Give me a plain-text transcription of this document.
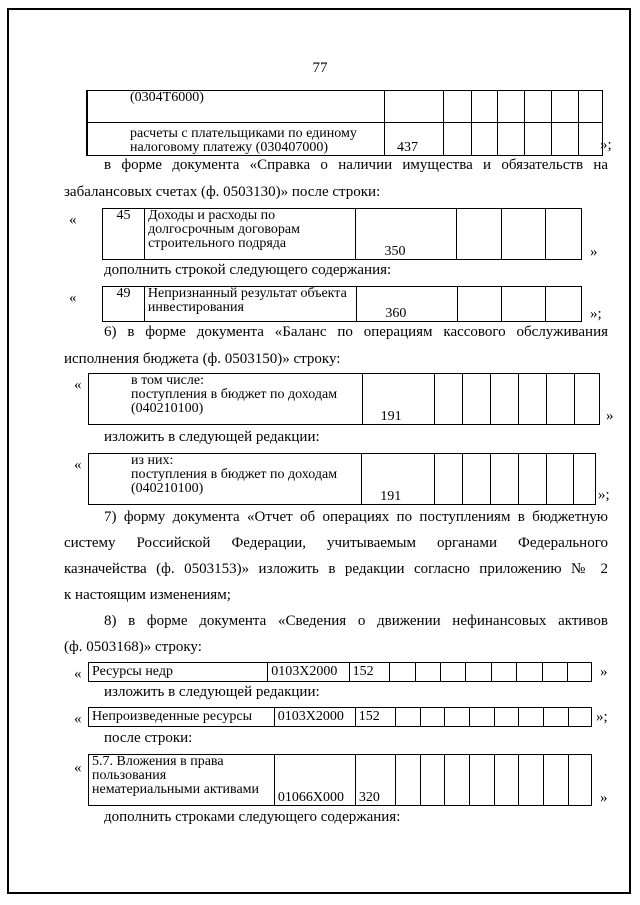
77
(0304Т6000)							

расчеты с плательщиками по единому
налоговому платежу (030407000)	437							»;
в форме документа «Справка о наличии имущества и обязательств на
забалансовых счетах (ф. 0503130)» после строки:
«	45	Доходы и расходы по
долгосрочным договорам
строительного подряда
	350				»
дополнить строкой следующего содержания:
«	49	Непризнанный результат объекта
инвестирования	360				»;
6) в форме документа «Баланс по операциям кассового обслуживания
исполнения бюджета (ф. 0503150)» строку:
«	в том числе:
поступления в бюджет по доходам
(040210100)
	191							»
изложить в следующей редакции:
«	из них:
поступления в бюджет по доходам
(040210100)
	191							»;
7) форму документа «Отчет об операциях по поступлениям в бюджетную
систему Российской Федерации, учитываемым органами Федерального
казначейства (ф. 0503153)» изложить в редакции согласно приложению № 2
к настоящим изменениям;
8) в форме документа «Сведения о движении нефинансовых активов
(ф. 0503168)» строку:
« Ресурсы недр	0103Х2000	152									»
изложить в следующей редакции:
« Непроизведенные ресурсы	0103Х2000	152									»;
после строки:
« 5.7. Вложения в права
пользования
нематериальными активами
	01066Х000	320									»
дополнить строками следующего содержания:
